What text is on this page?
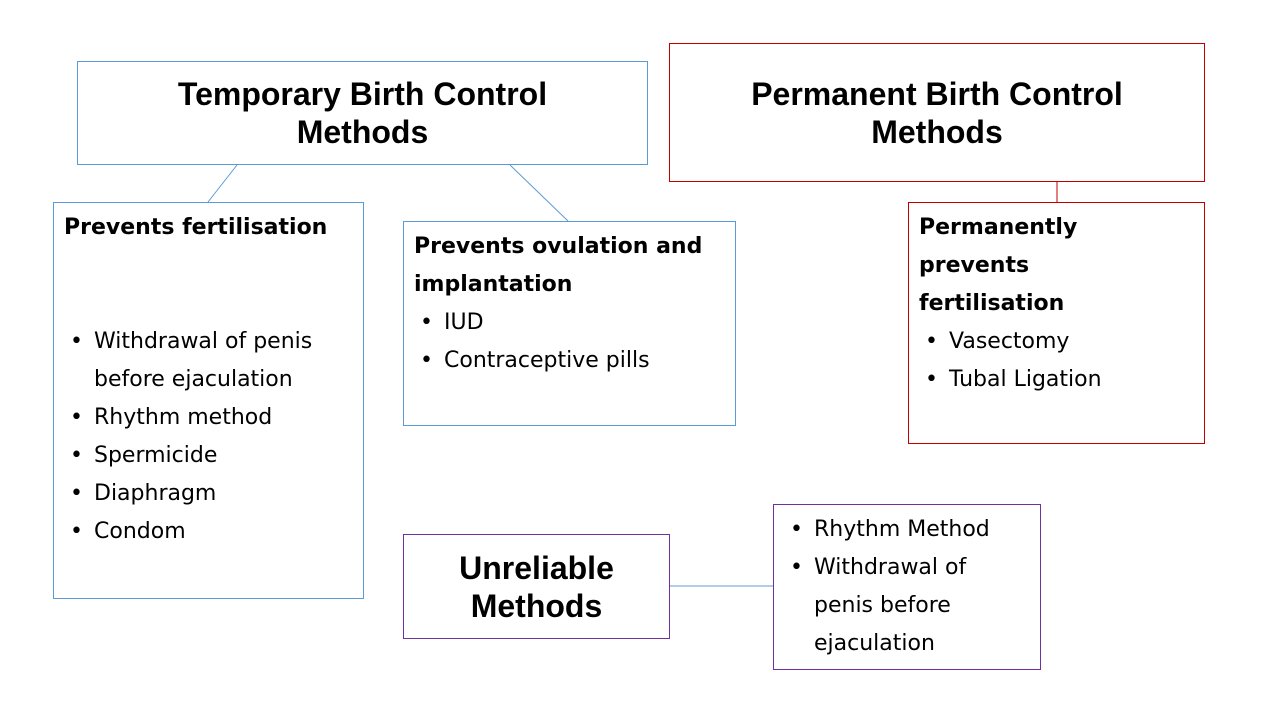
Temporary Birth Control Methods
Permanent Birth Control Methods
Prevents fertilisation
• Withdrawal of penis before ejaculation
• Rhythm method
• Spermicide
• Diaphragm
• Condom
Prevents ovulation and implantation
• IUD
• Contraceptive pills
Permanently prevents fertilisation
• Vasectomy
• Tubal Ligation
Unreliable Methods
• Rhythm Method
• Withdrawal of penis before ejaculation
